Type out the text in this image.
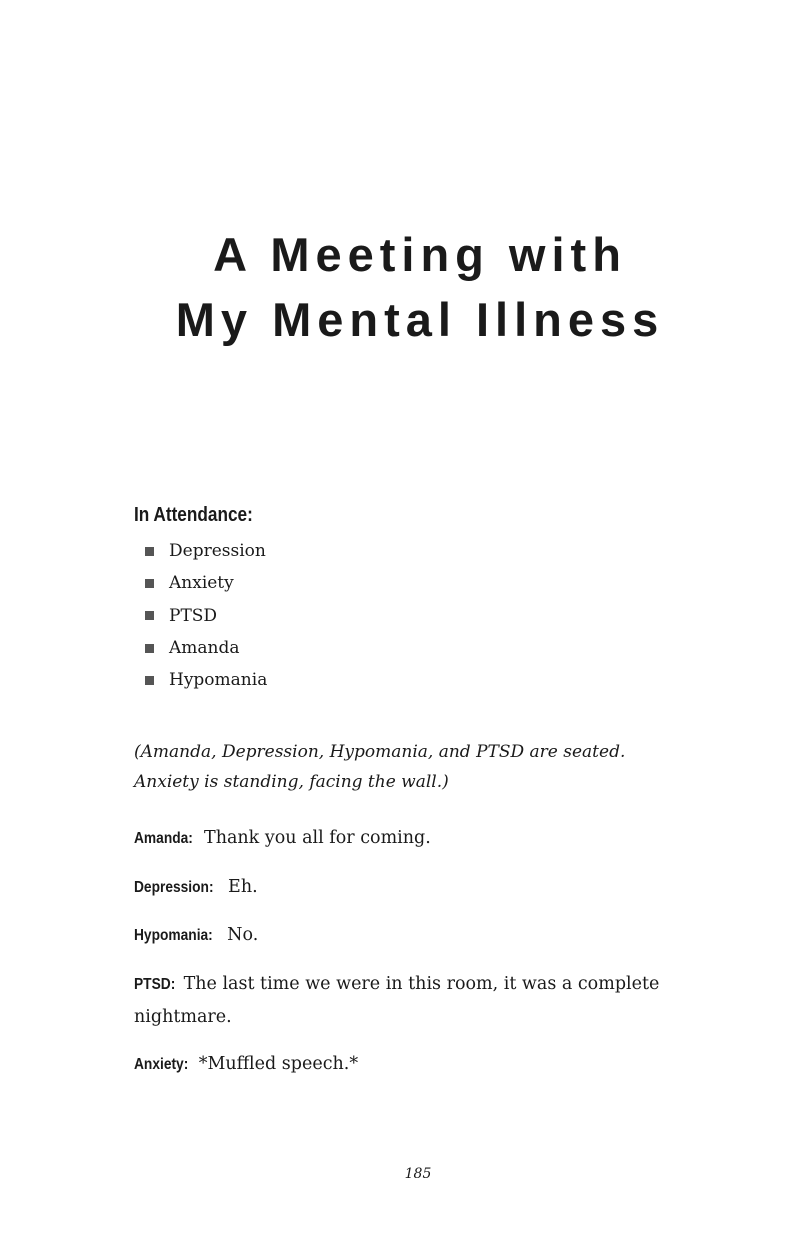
A Meeting with
My Mental Illness
In Attendance:
Depression
Anxiety
PTSD
Amanda
Hypomania

(Amanda, Depression, Hypomania, and PTSD are seated. Anxiety is standing, facing the wall.)

Amanda: Thank you all for coming.

Depression: Eh.

Hypomania: No.

PTSD: The last time we were in this room, it was a complete nightmare.

Anxiety: *Muffled speech.*

185
